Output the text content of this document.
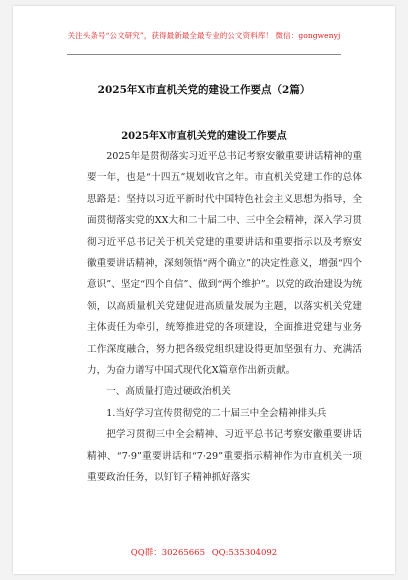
关注头条号“公文研究”，获得最新最全最专业的公文资料库！ 微信：gongwenyj
2025年X市直机关党的建设工作要点（2篇）
2025年X市直机关党的建设工作要点

2025年是贯彻落实习近平总书记考察安徽重要讲话精神的重要一年，也是“十四五”规划收官之年。市直机关党建工作的总体思路是：坚持以习近平新时代中国特色社会主义思想为指导，全面贯彻落实党的XX大和二十届二中、三中全会精神，深入学习贯彻习近平总书记关于机关党建的重要讲话和重要指示以及考察安徽重要讲话精神，深刻领悟“两个确立”的决定性意义，增强“四个意识”、坚定“四个自信”、做到“两个维护”。以党的政治建设为统领，以高质量机关党建促进高质量发展为主题，以落实机关党建主体责任为牵引，统筹推进党的各项建设，全面推进党建与业务工作深度融合，努力把各级党组织建设得更加坚强有力、充满活力，为奋力谱写中国式现代化X篇章作出新贡献。

一、高质量打造过硬政治机关

1.当好学习宣传贯彻党的二十届三中全会精神排头兵

把学习贯彻三中全会精神、习近平总书记考察安徽重要讲话精神、“7·9”重要讲话和“7·29”重要指示精神作为市直机关一项重要政治任务，以钉钉子精神抓好落实

QQ群：30265665 QQ:535304092
